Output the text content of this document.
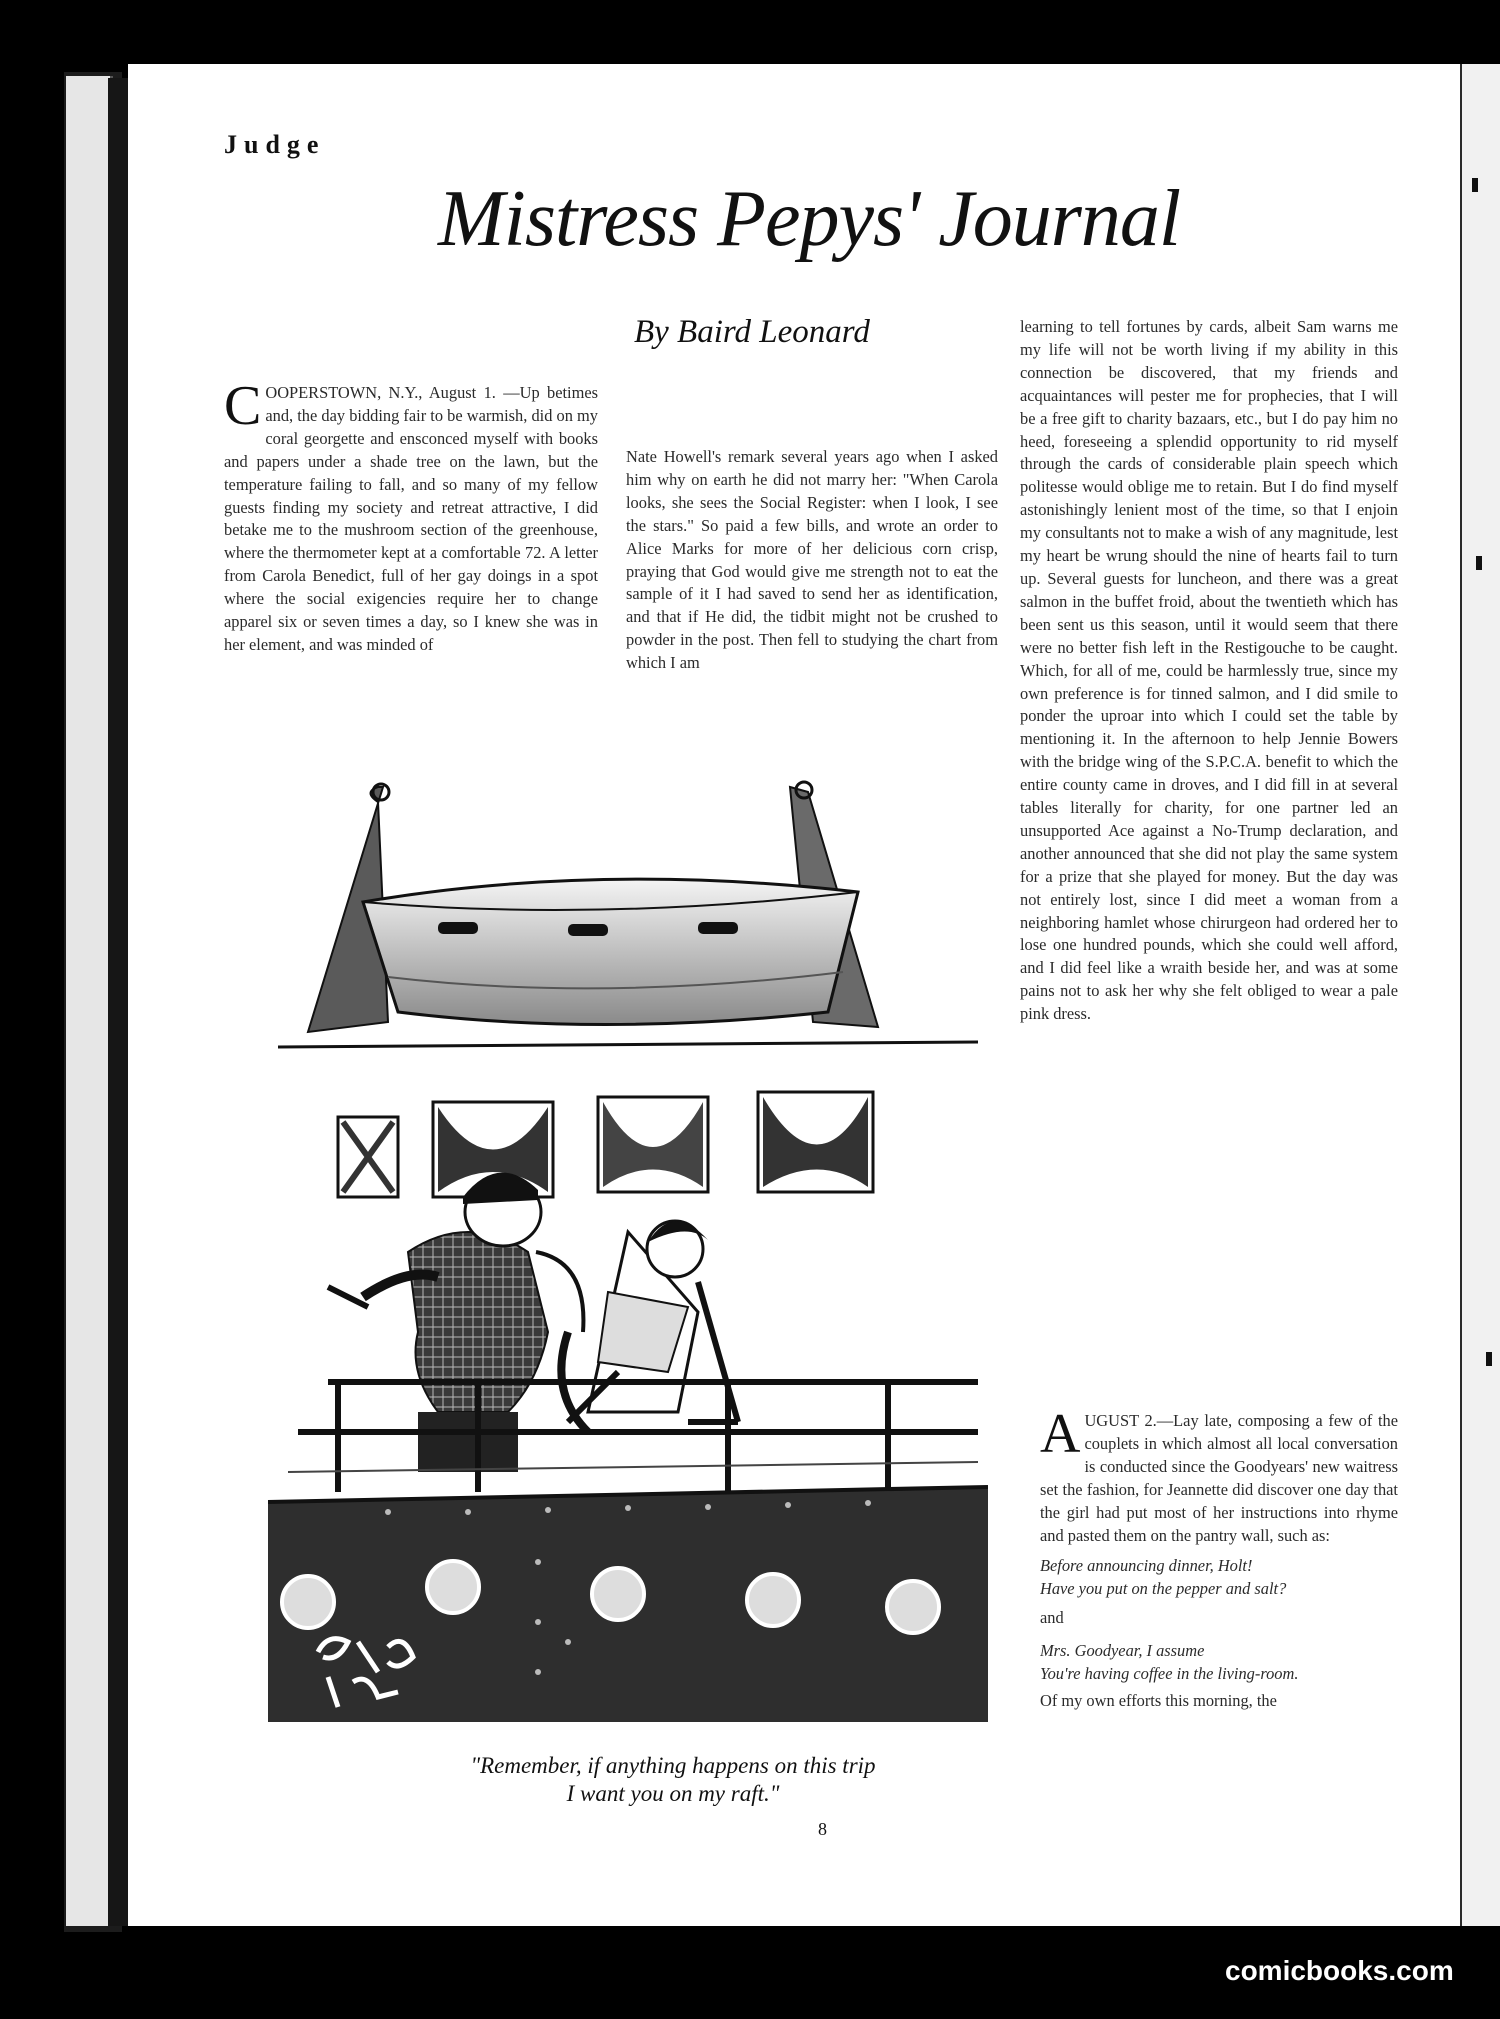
Judge
Mistress Pepys' Journal
By Baird Leonard
COOPERSTOWN, N.Y., August 1. —Up betimes and, the day bidding fair to be warmish, did on my coral georgette and ensconced myself with books and papers under a shade tree on the lawn, but the temperature failing to fall, and so many of my fellow guests finding my society and retreat attractive, I did betake me to the mushroom section of the greenhouse, where the thermometer kept at a comfortable 72. A letter from Carola Benedict, full of her gay doings in a spot where the social exigencies require her to change apparel six or seven times a day, so I knew she was in her element, and was minded of
Nate Howell's remark several years ago when I asked him why on earth he did not marry her: "When Carola looks, she sees the Social Register: when I look, I see the stars." So paid a few bills, and wrote an order to Alice Marks for more of her delicious corn crisp, praying that God would give me strength not to eat the sample of it I had saved to send her as identification, and that if He did, the tidbit might not be crushed to powder in the post. Then fell to studying the chart from which I am
learning to tell fortunes by cards, albeit Sam warns me my life will not be worth living if my ability in this connection be discovered, that my friends and acquaintances will pester me for prophecies, that I will be a free gift to charity bazaars, etc., but I do pay him no heed, foreseeing a splendid opportunity to rid myself through the cards of considerable plain speech which politesse would oblige me to retain. But I do find myself astonishingly lenient most of the time, so that I enjoin my consultants not to make a wish of any magnitude, lest my heart be wrung should the nine of hearts fail to turn up. Several guests for luncheon, and there was a great salmon in the buffet froid, about the twentieth which has been sent us this season, until it would seem that there were no better fish left in the Restigouche to be caught. Which, for all of me, could be harmlessly true, since my own preference is for tinned salmon, and I did smile to ponder the uproar into which I could set the table by mentioning it. In the afternoon to help Jennie Bowers with the bridge wing of the S.P.C.A. benefit to which the entire county came in droves, and I did fill in at several tables literally for charity, for one partner led an unsupported Ace against a No-Trump declaration, and another announced that she did not play the same system for a prize that she played for money. But the day was not entirely lost, since I did meet a woman from a neighboring hamlet whose chirurgeon had ordered her to lose one hundred pounds, which she could well afford, and I did feel like a wraith beside her, and was at some pains not to ask her why she felt obliged to wear a pale pink dress.
AUGUST 2.—Lay late, composing a few of the couplets in which almost all local conversation is conducted since the Goodyears' new waitress set the fashion, for Jeannette did discover one day that the girl had put most of her instructions into rhyme and pasted them on the pantry wall, such as:
Before announcing dinner, Holt!
Have you put on the pepper and salt?
and
Mrs. Goodyear, I assume
You're having coffee in the living-room.
Of my own efforts this morning, the
"Remember, if anything happens on this trip
I want you on my raft."
8
comicbooks.com
